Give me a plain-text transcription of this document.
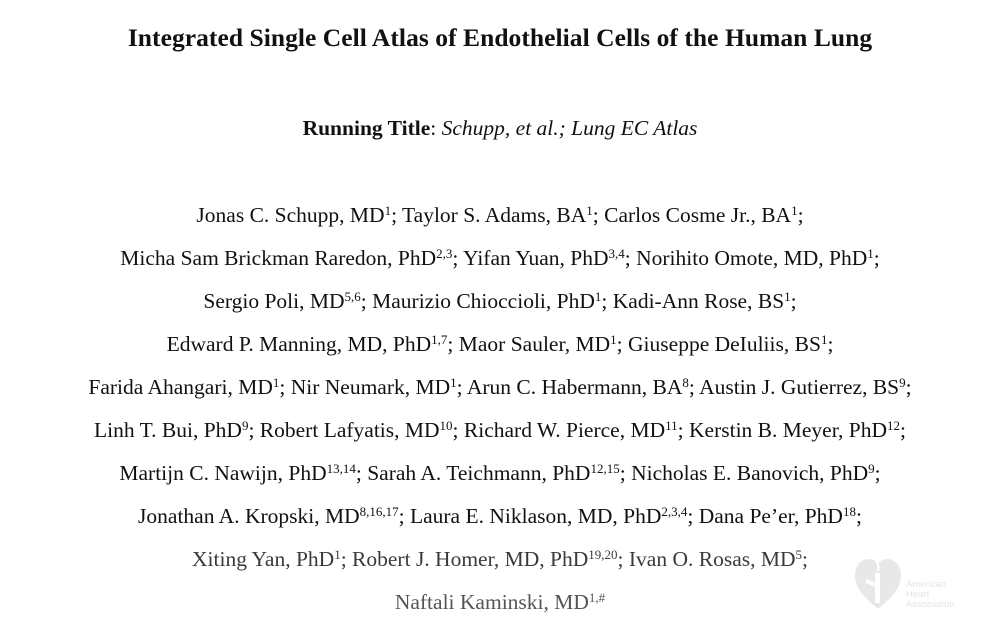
Integrated Single Cell Atlas of Endothelial Cells of the Human Lung
Running Title: Schupp, et al.; Lung EC Atlas
Jonas C. Schupp, $MD^1$; Taylor S. Adams, $BA^1$; Carlos Cosme Jr., $BA^1$;
Micha Sam Brickman Raredon, PhD$^{2,3}$; Yifan Yuan, PhD$^{3,4}$; Norihito Omote, MD, PhD$^1$;
Sergio Poli, MD$^{5,6}$; Maurizio Chioccioli, PhD$^1$; Kadi-Ann Rose, $BS^1$;
Edward P. Manning, MD, PhD$^{1,7}$; Maor Sauler, $MD^1$; Giuseppe DeIuliis, $BS^1$;
Farida Ahangari, $MD^1$; Nir Neumark, $MD^1$; Arun C. Habermann, $BA^8$; Austin J. Gutierrez, $BS^9$;
Linh T. Bui, PhD$^9$; Robert Lafyatis, MD$^{10}$; Richard W. Pierce, MD$^{11}$; Kerstin B. Meyer, PhD$^{12}$;
Martijn C. Nawijn, PhD$^{13,14}$; Sarah A. Teichmann, PhD$^{12,15}$; Nicholas E. Banovich, PhD$^9$;
Jonathan A. Kropski, MD$^{8,16,17}$; Laura E. Niklason, MD, PhD$^{2,3,4}$; Dana Pe’er, PhD$^{18}$;
Xiting Yan, PhD$^1$; Robert J. Homer, MD, PhD$^{19,20}$; Ivan O. Rosas, $MD^5$;
Naftali Kaminski, $MD^{1,\#}$
American
Heart
Association.
